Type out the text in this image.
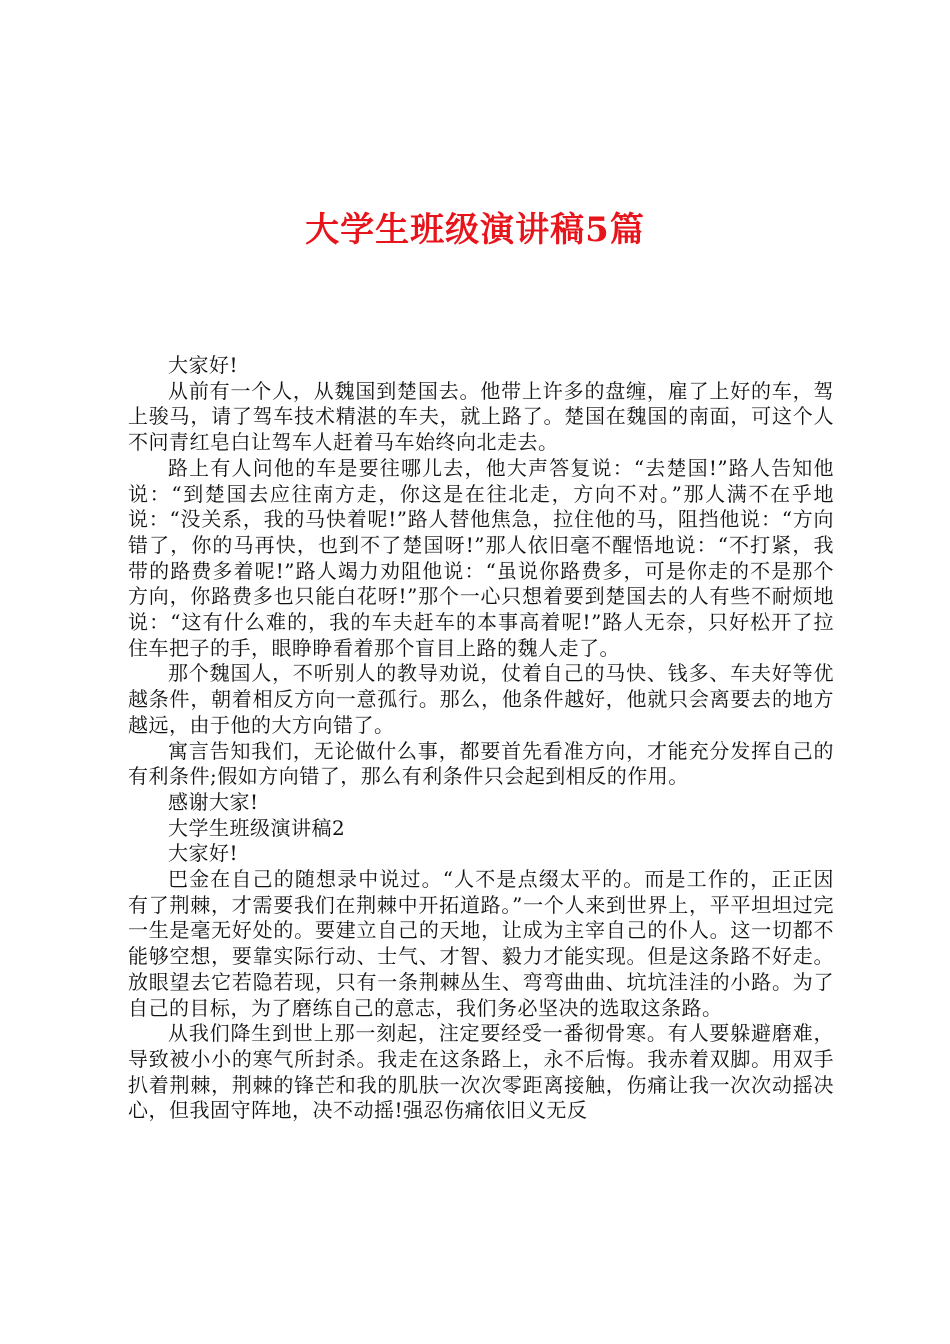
大学生班级演讲稿5篇

大家好!

从前有一个人，从魏国到楚国去。他带上许多的盘缠，雇了上好的车，驾上骏马，请了驾车技术精湛的车夫，就上路了。楚国在魏国的南面，可这个人不问青红皂白让驾车人赶着马车始终向北走去。

路上有人问他的车是要往哪儿去，他大声答复说：“去楚国!”路人告知他说：“到楚国去应往南方走，你这是在往北走，方向不对。”那人满不在乎地说：“没关系，我的马快着呢!”路人替他焦急，拉住他的马，阻挡他说：“方向错了，你的马再快，也到不了楚国呀!”那人依旧毫不醒悟地说：“不打紧，我带的路费多着呢!”路人竭力劝阻他说：“虽说你路费多，可是你走的不是那个方向，你路费多也只能白花呀!”那个一心只想着要到楚国去的人有些不耐烦地说：“这有什么难的，我的车夫赶车的本事高着呢!”路人无奈，只好松开了拉住车把子的手，眼睁睁看着那个盲目上路的魏人走了。

那个魏国人，不听别人的教导劝说，仗着自己的马快、钱多、车夫好等优越条件，朝着相反方向一意孤行。那么，他条件越好，他就只会离要去的地方越远，由于他的大方向错了。

寓言告知我们，无论做什么事，都要首先看准方向，才能充分发挥自己的有利条件;假如方向错了，那么有利条件只会起到相反的作用。

感谢大家!

大学生班级演讲稿2

大家好!

巴金在自己的随想录中说过。“人不是点缀太平的。而是工作的，正正因有了荆棘，才需要我们在荆棘中开拓道路。”一个人来到世界上，平平坦坦过完一生是毫无好处的。要建立自己的天地，让成为主宰自己的仆人。这一切都不能够空想，要靠实际行动、士气、才智、毅力才能实现。但是这条路不好走。放眼望去它若隐若现，只有一条荆棘丛生、弯弯曲曲、坑坑洼洼的小路。为了自己的目标，为了磨练自己的意志，我们务必坚决的选取这条路。

从我们降生到世上那一刻起，注定要经受一番彻骨寒。有人要躲避磨难，导致被小小的寒气所封杀。我走在这条路上，永不后悔。我赤着双脚。用双手扒着荆棘，荆棘的锋芒和我的肌肤一次次零距离接触，伤痛让我一次次动摇决心，但我固守阵地，决不动摇!强忍伤痛依旧义无反
